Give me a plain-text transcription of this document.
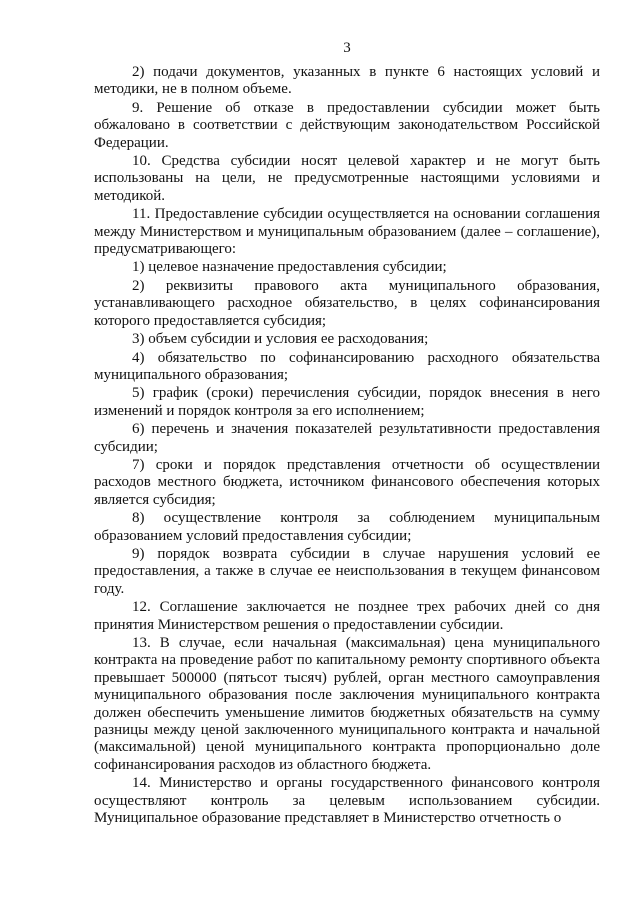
3

2) подачи документов, указанных в пункте 6 настоящих условий и методики, не в полном объеме.

9. Решение об отказе в предоставлении субсидии может быть обжаловано в соответствии с действующим законодательством Российской Федерации.

10. Средства субсидии носят целевой характер и не могут быть использованы на цели, не предусмотренные настоящими условиями и методикой.

11. Предоставление субсидии осуществляется на основании соглашения между Министерством и муниципальным образованием (далее – соглашение), предусматривающего:

1) целевое назначение предоставления субсидии;

2) реквизиты правового акта муниципального образования, устанавливающего расходное обязательство, в целях софинансирования которого предоставляется субсидия;

3) объем субсидии и условия ее расходования;

4) обязательство по софинансированию расходного обязательства муниципального образования;

5) график (сроки) перечисления субсидии, порядок внесения в него изменений и порядок контроля за его исполнением;

6) перечень и значения показателей результативности предоставления субсидии;

7) сроки и порядок представления отчетности об осуществлении расходов местного бюджета, источником финансового обеспечения которых является субсидия;

8) осуществление контроля за соблюдением муниципальным образованием условий предоставления субсидии;

9) порядок возврата субсидии в случае нарушения условий ее предоставления, а также в случае ее неиспользования в текущем финансовом году.

12. Соглашение заключается не позднее трех рабочих дней со дня принятия Министерством решения о предоставлении субсидии.

13. В случае, если начальная (максимальная) цена муниципального контракта на проведение работ по капитальному ремонту спортивного объекта превышает 500000 (пятьсот тысяч) рублей, орган местного самоуправления муниципального образования после заключения муниципального контракта должен обеспечить уменьшение лимитов бюджетных обязательств на сумму разницы между ценой заключенного муниципального контракта и начальной (максимальной) ценой муниципального контракта пропорционально доле софинансирования расходов из областного бюджета.

14. Министерство и органы государственного финансового контроля осуществляют контроль за целевым использованием субсидии. Муниципальное образование представляет в Министерство отчетность о
